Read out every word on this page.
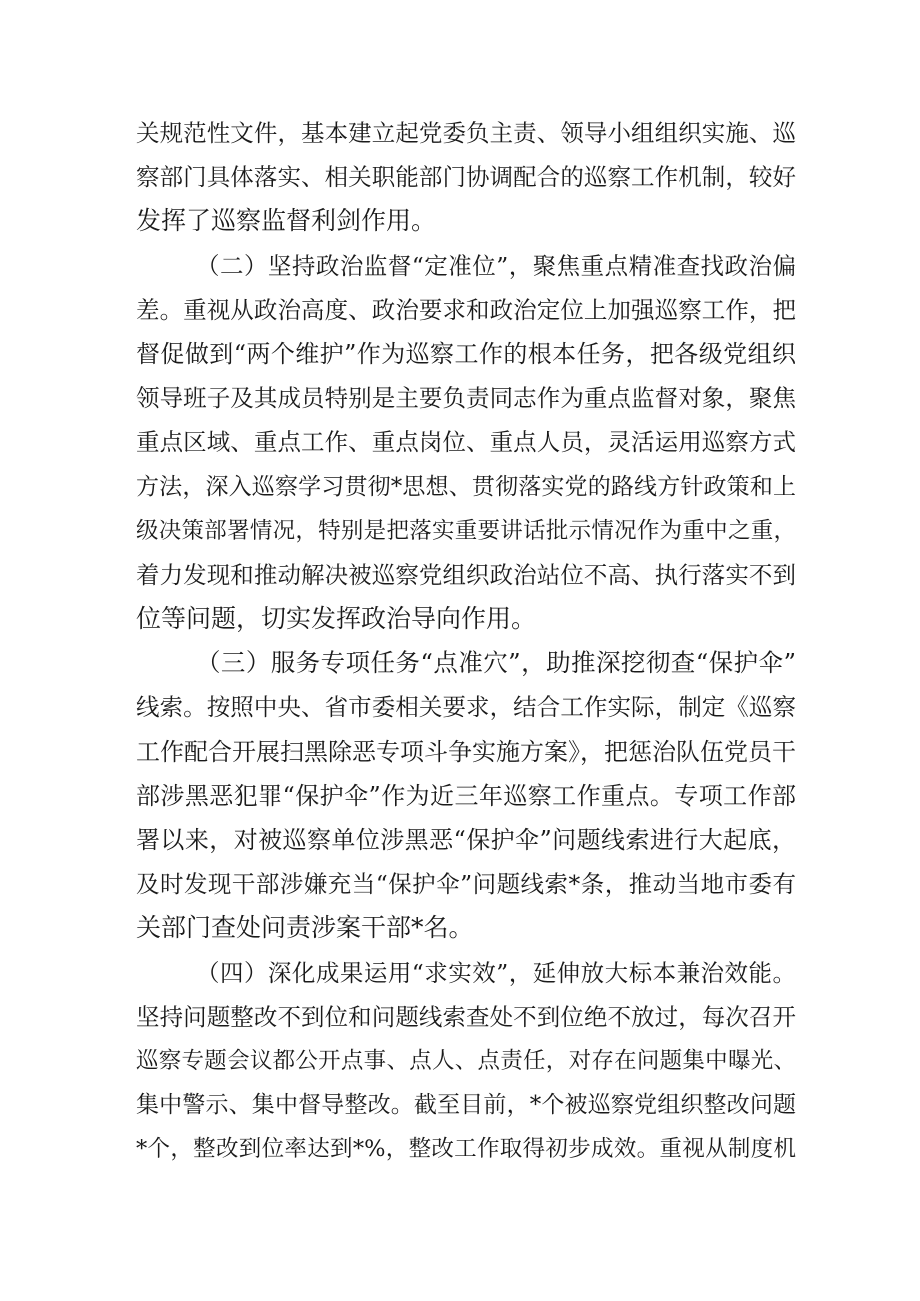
关规范性文件，基本建立起党委负主责、领导小组组织实施、巡
察部门具体落实、相关职能部门协调配合的巡察工作机制，较好
发挥了巡察监督利剑作用。
（二）坚持政治监督“定准位”，聚焦重点精准查找政治偏
差。重视从政治高度、政治要求和政治定位上加强巡察工作，把
督促做到“两个维护”作为巡察工作的根本任务，把各级党组织
领导班子及其成员特别是主要负责同志作为重点监督对象，聚焦
重点区域、重点工作、重点岗位、重点人员，灵活运用巡察方式
方法，深入巡察学习贯彻*思想、贯彻落实党的路线方针政策和上
级决策部署情况，特别是把落实重要讲话批示情况作为重中之重，
着力发现和推动解决被巡察党组织政治站位不高、执行落实不到
位等问题，切实发挥政治导向作用。
（三）服务专项任务“点准穴”，助推深挖彻查“保护伞”
线索。按照中央、省市委相关要求，结合工作实际，制定《巡察
工作配合开展扫黑除恶专项斗争实施方案》，把惩治队伍党员干
部涉黑恶犯罪“保护伞”作为近三年巡察工作重点。专项工作部
署以来，对被巡察单位涉黑恶“保护伞”问题线索进行大起底，
及时发现干部涉嫌充当“保护伞”问题线索*条，推动当地市委有
关部门查处问责涉案干部*名。
（四）深化成果运用“求实效”，延伸放大标本兼治效能。
坚持问题整改不到位和问题线索查处不到位绝不放过，每次召开
巡察专题会议都公开点事、点人、点责任，对存在问题集中曝光、
集中警示、集中督导整改。截至目前，*个被巡察党组织整改问题
*个，整改到位率达到*%，整改工作取得初步成效。重视从制度机
